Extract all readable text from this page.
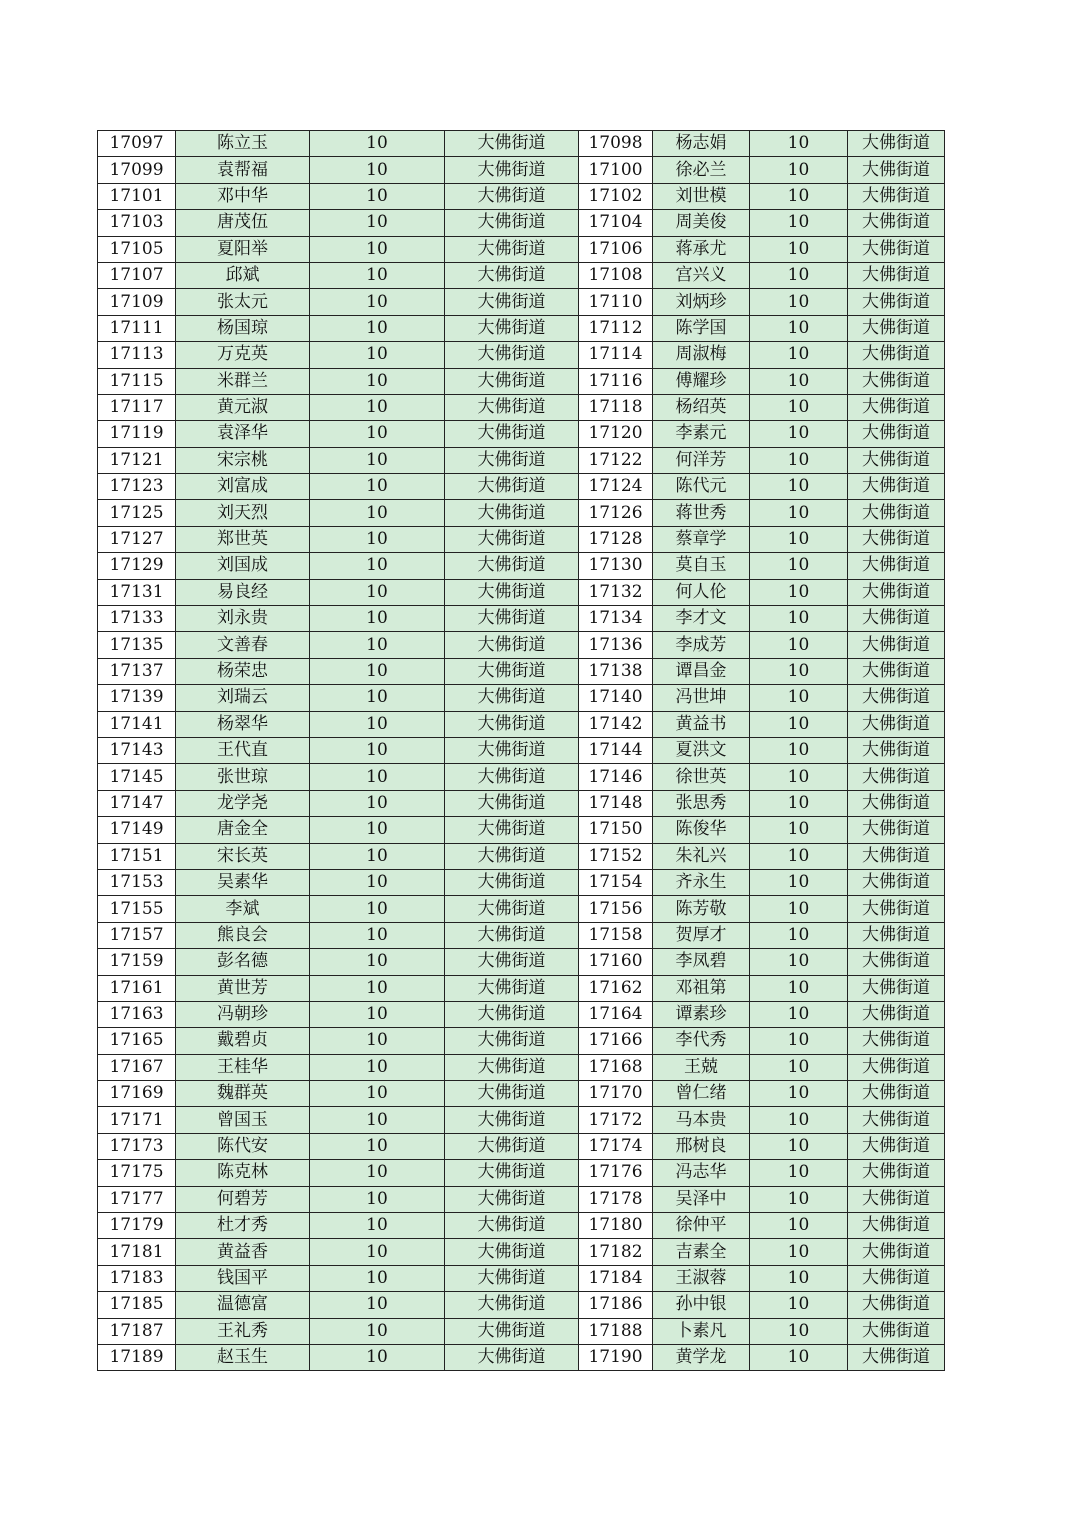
17097	陈立玉	10	大佛街道	17098	杨志娟	10	大佛街道
17099	袁帮福	10	大佛街道	17100	徐必兰	10	大佛街道
17101	邓中华	10	大佛街道	17102	刘世模	10	大佛街道
17103	唐茂伍	10	大佛街道	17104	周美俊	10	大佛街道
17105	夏阳举	10	大佛街道	17106	蒋承尤	10	大佛街道
17107	邱斌	10	大佛街道	17108	宫兴义	10	大佛街道
17109	张太元	10	大佛街道	17110	刘炳珍	10	大佛街道
17111	杨国琼	10	大佛街道	17112	陈学国	10	大佛街道
17113	万克英	10	大佛街道	17114	周淑梅	10	大佛街道
17115	米群兰	10	大佛街道	17116	傅耀珍	10	大佛街道
17117	黄元淑	10	大佛街道	17118	杨绍英	10	大佛街道
17119	袁泽华	10	大佛街道	17120	李素元	10	大佛街道
17121	宋宗桃	10	大佛街道	17122	何洋芳	10	大佛街道
17123	刘富成	10	大佛街道	17124	陈代元	10	大佛街道
17125	刘天烈	10	大佛街道	17126	蒋世秀	10	大佛街道
17127	郑世英	10	大佛街道	17128	蔡章学	10	大佛街道
17129	刘国成	10	大佛街道	17130	莫自玉	10	大佛街道
17131	易良经	10	大佛街道	17132	何人伦	10	大佛街道
17133	刘永贵	10	大佛街道	17134	李才文	10	大佛街道
17135	文善春	10	大佛街道	17136	李成芳	10	大佛街道
17137	杨荣忠	10	大佛街道	17138	谭昌金	10	大佛街道
17139	刘瑞云	10	大佛街道	17140	冯世坤	10	大佛街道
17141	杨翠华	10	大佛街道	17142	黄益书	10	大佛街道
17143	王代直	10	大佛街道	17144	夏洪文	10	大佛街道
17145	张世琼	10	大佛街道	17146	徐世英	10	大佛街道
17147	龙学尧	10	大佛街道	17148	张思秀	10	大佛街道
17149	唐金全	10	大佛街道	17150	陈俊华	10	大佛街道
17151	宋长英	10	大佛街道	17152	朱礼兴	10	大佛街道
17153	吴素华	10	大佛街道	17154	齐永生	10	大佛街道
17155	李斌	10	大佛街道	17156	陈芳敬	10	大佛街道
17157	熊良会	10	大佛街道	17158	贺厚才	10	大佛街道
17159	彭名德	10	大佛街道	17160	李凤碧	10	大佛街道
17161	黄世芳	10	大佛街道	17162	邓祖第	10	大佛街道
17163	冯朝珍	10	大佛街道	17164	谭素珍	10	大佛街道
17165	戴碧贞	10	大佛街道	17166	李代秀	10	大佛街道
17167	王桂华	10	大佛街道	17168	王兢	10	大佛街道
17169	魏群英	10	大佛街道	17170	曾仁绪	10	大佛街道
17171	曾国玉	10	大佛街道	17172	马本贵	10	大佛街道
17173	陈代安	10	大佛街道	17174	邢树良	10	大佛街道
17175	陈克林	10	大佛街道	17176	冯志华	10	大佛街道
17177	何碧芳	10	大佛街道	17178	吴泽中	10	大佛街道
17179	杜才秀	10	大佛街道	17180	徐仲平	10	大佛街道
17181	黄益香	10	大佛街道	17182	吉素全	10	大佛街道
17183	钱国平	10	大佛街道	17184	王淑蓉	10	大佛街道
17185	温德富	10	大佛街道	17186	孙中银	10	大佛街道
17187	王礼秀	10	大佛街道	17188	卜素凡	10	大佛街道
17189	赵玉生	10	大佛街道	17190	黄学龙	10	大佛街道
